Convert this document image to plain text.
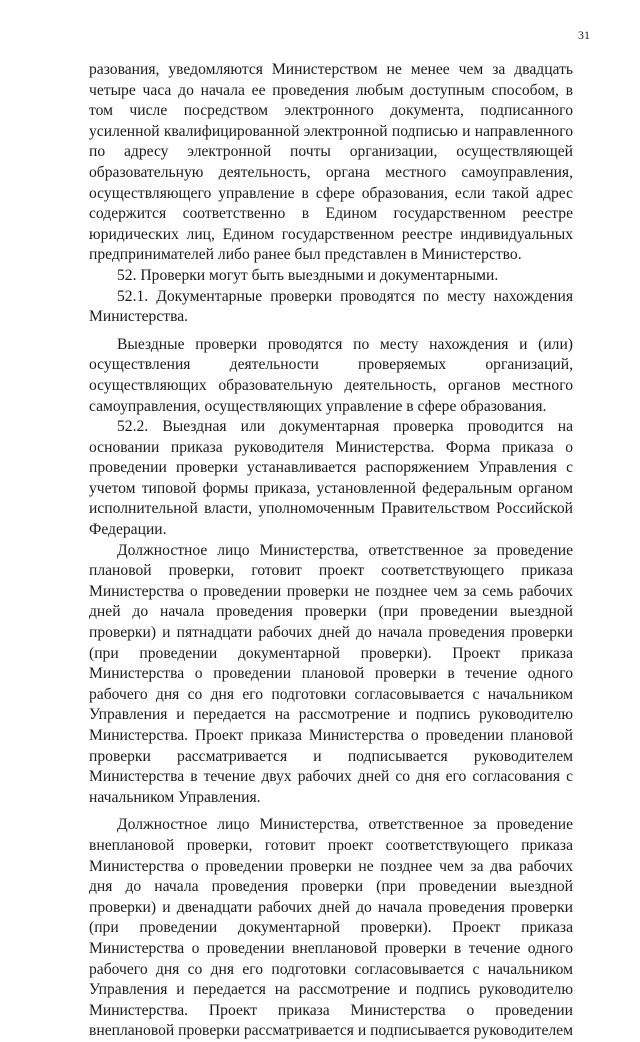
31

разования, уведомляются Министерством не менее чем за двадцать четыре часа до начала ее проведения любым доступным способом, в том числе посредством электронного документа, подписанного усиленной квалифицированной электронной подписью и направленного по адресу электронной почты организации, осуществляющей образовательную деятельность, органа местного самоуправления, осуществляющего управление в сфере образования, если такой адрес содержится соответственно в Едином государственном реестре юридических лиц, Едином государственном реестре индивидуальных предпринимателей либо ранее был представлен в Министерство.

52. Проверки могут быть выездными и документарными.

52.1. Документарные проверки проводятся по месту нахождения Министерства.

Выездные проверки проводятся по месту нахождения и (или) осуществления деятельности проверяемых организаций, осуществляющих образовательную деятельность, органов местного самоуправления, осуществляющих управление в сфере образования.

52.2. Выездная или документарная проверка проводится на основании приказа руководителя Министерства. Форма приказа о проведении проверки устанавливается распоряжением Управления с учетом типовой формы приказа, установленной федеральным органом исполнительной власти, уполномоченным Правительством Российской Федерации.

Должностное лицо Министерства, ответственное за проведение плановой проверки, готовит проект соответствующего приказа Министерства о проведении проверки не позднее чем за семь рабочих дней до начала проведения проверки (при проведении выездной проверки) и пятнадцати рабочих дней до начала проведения проверки (при проведении документарной проверки). Проект приказа Министерства о проведении плановой проверки в течение одного рабочего дня со дня его подготовки согласовывается с начальником Управления и передается на рассмотрение и подпись руководителю Министерства. Проект приказа Министерства о проведении плановой проверки рассматривается и подписывается руководителем Министерства в течение двух рабочих дней со дня его согласования с начальником Управления.

Должностное лицо Министерства, ответственное за проведение внеплановой проверки, готовит проект соответствующего приказа Министерства о проведении проверки не позднее чем за два рабочих дня до начала проведения проверки (при проведении выездной проверки) и двенадцати рабочих дней до начала проведения проверки (при проведении документарной проверки). Проект приказа Министерства о проведении внеплановой проверки в течение одного рабочего дня со дня его подготовки согласовывается с начальником Управления и передается на рассмотрение и подпись руководителю Министерства. Проект приказа Министерства о проведении внеплановой проверки рассматривается и подписывается руководителем
